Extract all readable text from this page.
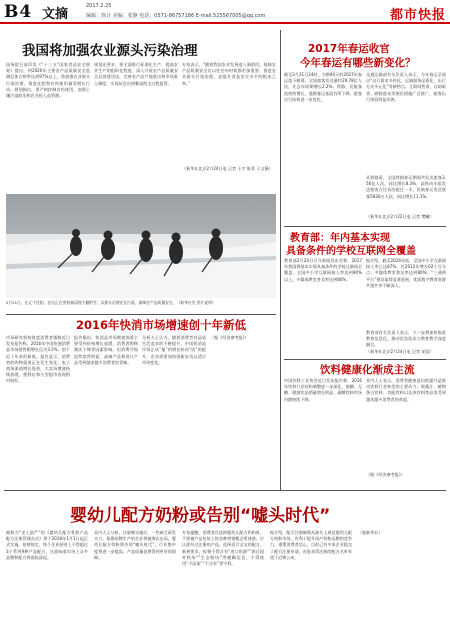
B4 文摘
2017.2.25
编辑：徐计 美编：张静 电话：0571-86757186 E-mail:525567005@qq.com	都市快报
我国将加强农业源头污染治理
国务院日前印发《“十三五”国家食品安全规划》提出，到2020年主要农产品质量安全监测总体合格率达到97%以上，将加强农业源头污染治理，推进化肥和农药使用量零增长行动。规划指出，要严格控制农药使用，加强土壤污染防治和农业投入品管理。
规划还要求，要全面推行标准化生产，提高农业生产的组织化程度，深入开展农产品质量安全县创建活动，完善农产品产地准出和市场准入制度，实现从农田到餐桌的全过程监管。
专家表示，“随着我国农业发展进入新阶段，保障农产品质量安全比以往任何时候都更加重要。推进农业源头污染治理，是提升食品安全水平的根本之举。”
（新华社北京2月24日电 记者 王宇 陈菲 于文静）
2月21日，在辽宁沈阳，农民正在用机械清理大棚积雪。从源头治理农业污染，保障农产品质量安全。（新华社发 图片说明）
2017年春运收官
今年春运有哪些新变化？
截至2月21日24时，为期40天的2017年春运落下帷幕，全国旅客发送量约29.78亿人次，比去年同期增长2.2%。铁路、民航客流持续增长，道路客运客流有所下降，旅客出行结构进一步优化。
交通运输部有关负责人表示，今年春运呈现出“出行需求多样化、运输服务品质化、出行方式多元化”等新特点。互联网售票、自助取票、刷脸进站等便民措施广泛推广，旅客出行体验明显改善。
从铁路看，全国铁路春运期间共发送旅客3.56亿人次，同比增长8.3%，高铁动车组发送旅客占比首次超过一半。民航春运发送旅客5830万人次，同比增长11.1%。
（新华社北京2月22日电 记者 樊曦）
教育部：年内基本实现
具备条件的学校互联网全覆盖
教育部2月24日召开新闻发布会称，2017年我国将基本实现具备条件的学校互联网全覆盖，全国中小学互联网接入率达到90%以上，多媒体教室普及率达到80%。
据介绍，截至2016年底，全国中小学互联网接入率已达87%，比2012年增长62个百分点；多媒体教室普及率达到80%。“三通两平台”建设取得显著进展，优质数字教育资源共建共享不断深入。
教育部有关负责人表示，下一步将加快推进教育信息化，推动信息技术与教育教学深度融合。
（新华社北京2月24日电 记者 胡浩）
饮料健康化渐成主流
中国饮料工业协会近日发布报告称，2016年饮料行业结构调整进一步深化，低糖、无糖、健康饮品销量增长明显，碳酸饮料市场份额持续下降。
业内人士表示，消费者健康意识的提升是推动饮料行业转型的主要动力。果蔬汁、植物蛋白饮料、功能饮料以及茶饮料等品类受到越来越多消费者的欢迎。
（据《经济参考报》）
2016年快消市场增速创十年新低
市场研究机构凯度消费者指数近日发布报告称，2016年中国快速消费品市场销售额增长仅为3.5%，创下近十年来的新低。报告显示，消费者的购物渠道正在发生变化，电子商务渠道增长强劲，大卖场增速持续放缓，便利店和小型超市表现相对较好。
报告指出，快消品市场增速放缓主要受到价格增长放缓、消费者购物频次下降等因素影响。但消费升级趋势依然明显，高端产品和进口产品受到越来越多消费者的青睐。
分析人士认为，随着消费者对品质生活追求的不断提升，中国快消品市场正从“量”的增长转向“质”的提升，企业需要加快创新步伐以适应市场变化。
（据《经济参考报》）
婴幼儿配方奶粉或告别“嘘头时代”
被称为“史上最严”的《婴幼儿配方乳粉产品配方注册管理办法》将于2018年1月1日起正式实施。按照规定，每个企业原则上不得超过3个系列9种产品配方，这意味着市场上众多品牌和配方将面临清退。
业内人士分析，注册制实施后，一些缺乏研发实力、依靠贴牌生产的企业将被淘汰出局，婴幼儿配方奶粉将告别“嘘头时代”，行业集中度将进一步提高，产品质量也将得到更好的保障。
专家提醒，消费者在选购婴幼儿配方奶粉时，不要被产品包装上的各种营销概念所迷惑，应认准经过注册的产品，选择适合宝宝的配方。新规要求，标签不得含有“进口奶源”“源自国外牧场”“生态牧场”等模糊信息，不得使用“不添加”“不含有”等字样。
据介绍，配方注册制将从源头上规范婴幼儿配方奶粉市场，有利于提升国产奶粉品牌的竞争力，重塑消费者信心。目前已有多家企业提交了配方注册申请，首批获得注册的配方名单有望于近期公布。
（据新华社）
